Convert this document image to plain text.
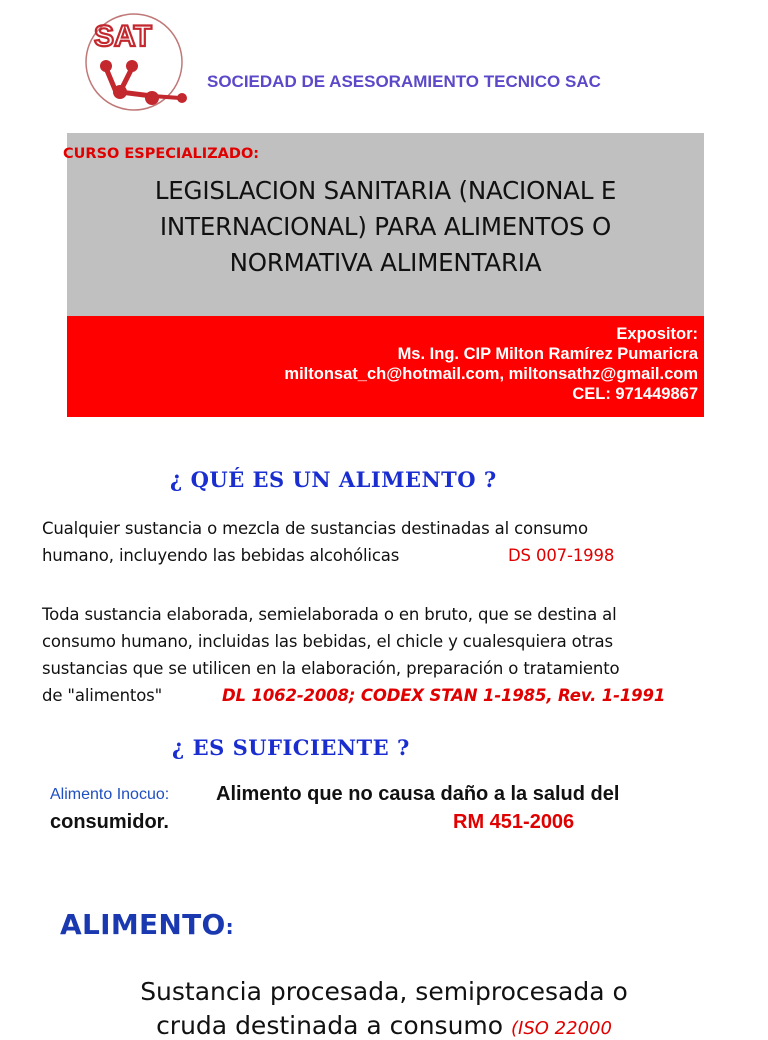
SAT
SOCIEDAD DE ASESORAMIENTO TECNICO SAC
CURSO ESPECIALIZADO:
LEGISLACION SANITARIA (NACIONAL E
INTERNACIONAL) PARA ALIMENTOS O
NORMATIVA ALIMENTARIA
Expositor:
Ms. Ing. CIP Milton Ramírez Pumaricra
miltonsat_ch@hotmail.com, miltonsathz@gmail.com
CEL: 971449867
¿ QUÉ ES UN ALIMENTO ?
Cualquier sustancia o mezcla de sustancias destinadas al consumo
humano, incluyendo las bebidas alcohólicas	DS 007-1998
Toda sustancia elaborada, semielaborada o en bruto, que se destina al
consumo humano, incluidas las bebidas, el chicle y cualesquiera otras
sustancias que se utilicen en la elaboración, preparación o tratamiento
de "alimentos"	DL 1062-2008; CODEX STAN 1-1985, Rev. 1-1991
¿ ES SUFICIENTE ?
Alimento Inocuo: Alimento que no causa daño a la salud del
consumidor.	RM 451-2006
ALIMENTO:
Sustancia procesada, semiprocesada o
cruda destinada a consumo (ISO 22000
